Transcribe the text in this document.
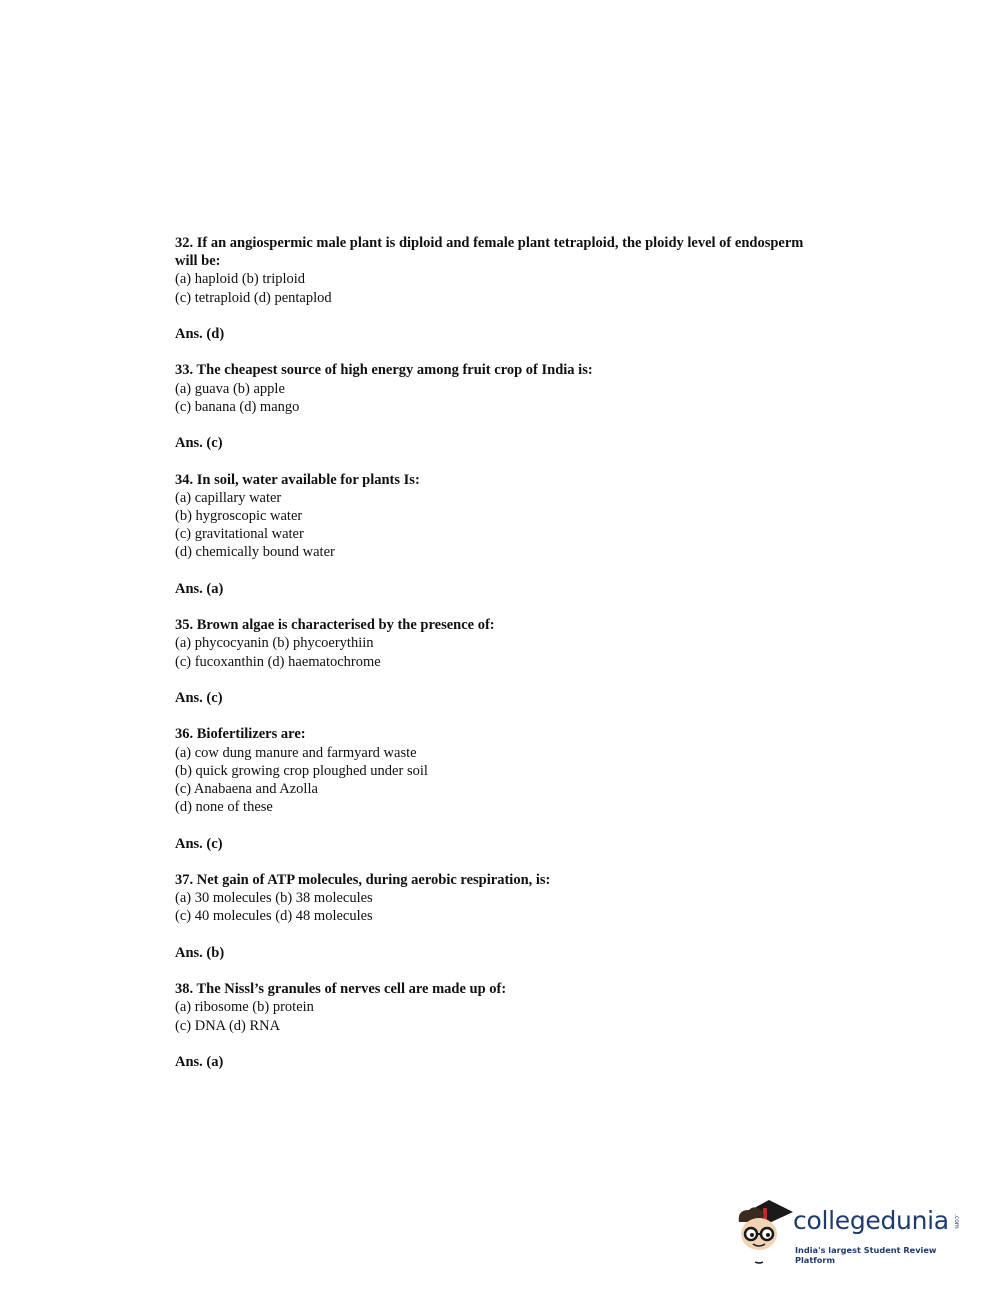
32. If an angiospermic male plant is diploid and female plant tetraploid, the ploidy level of endosperm will be:

(a) haploid (b) triploid

(c) tetraploid (d) pentaplod

Ans. (d)

33. The cheapest source of high energy among fruit crop of India is:

(a) guava (b) apple

(c) banana (d) mango

Ans. (c)

34. In soil, water available for plants Is:

(a) capillary water

(b) hygroscopic water

(c) gravitational water

(d) chemically bound water

Ans. (a)

35. Brown algae is characterised by the presence of:

(a) phycocyanin (b) phycoerythiin

(c) fucoxanthin (d) haematochrome

Ans. (c)

36. Biofertilizers are:

(a) cow dung manure and farmyard waste

(b) quick growing crop ploughed under soil

(c) Anabaena and Azolla

(d) none of these

Ans. (c)

37. Net gain of ATP molecules, during aerobic respiration, is:

(a) 30 molecules (b) 38 molecules

(c) 40 molecules (d) 48 molecules

Ans. (b)

38. The Nissl’s granules of nerves cell are made up of:

(a) ribosome (b) protein

(c) DNA (d) RNA

Ans. (a)

collegedunia .com
India's largest Student Review Platform
